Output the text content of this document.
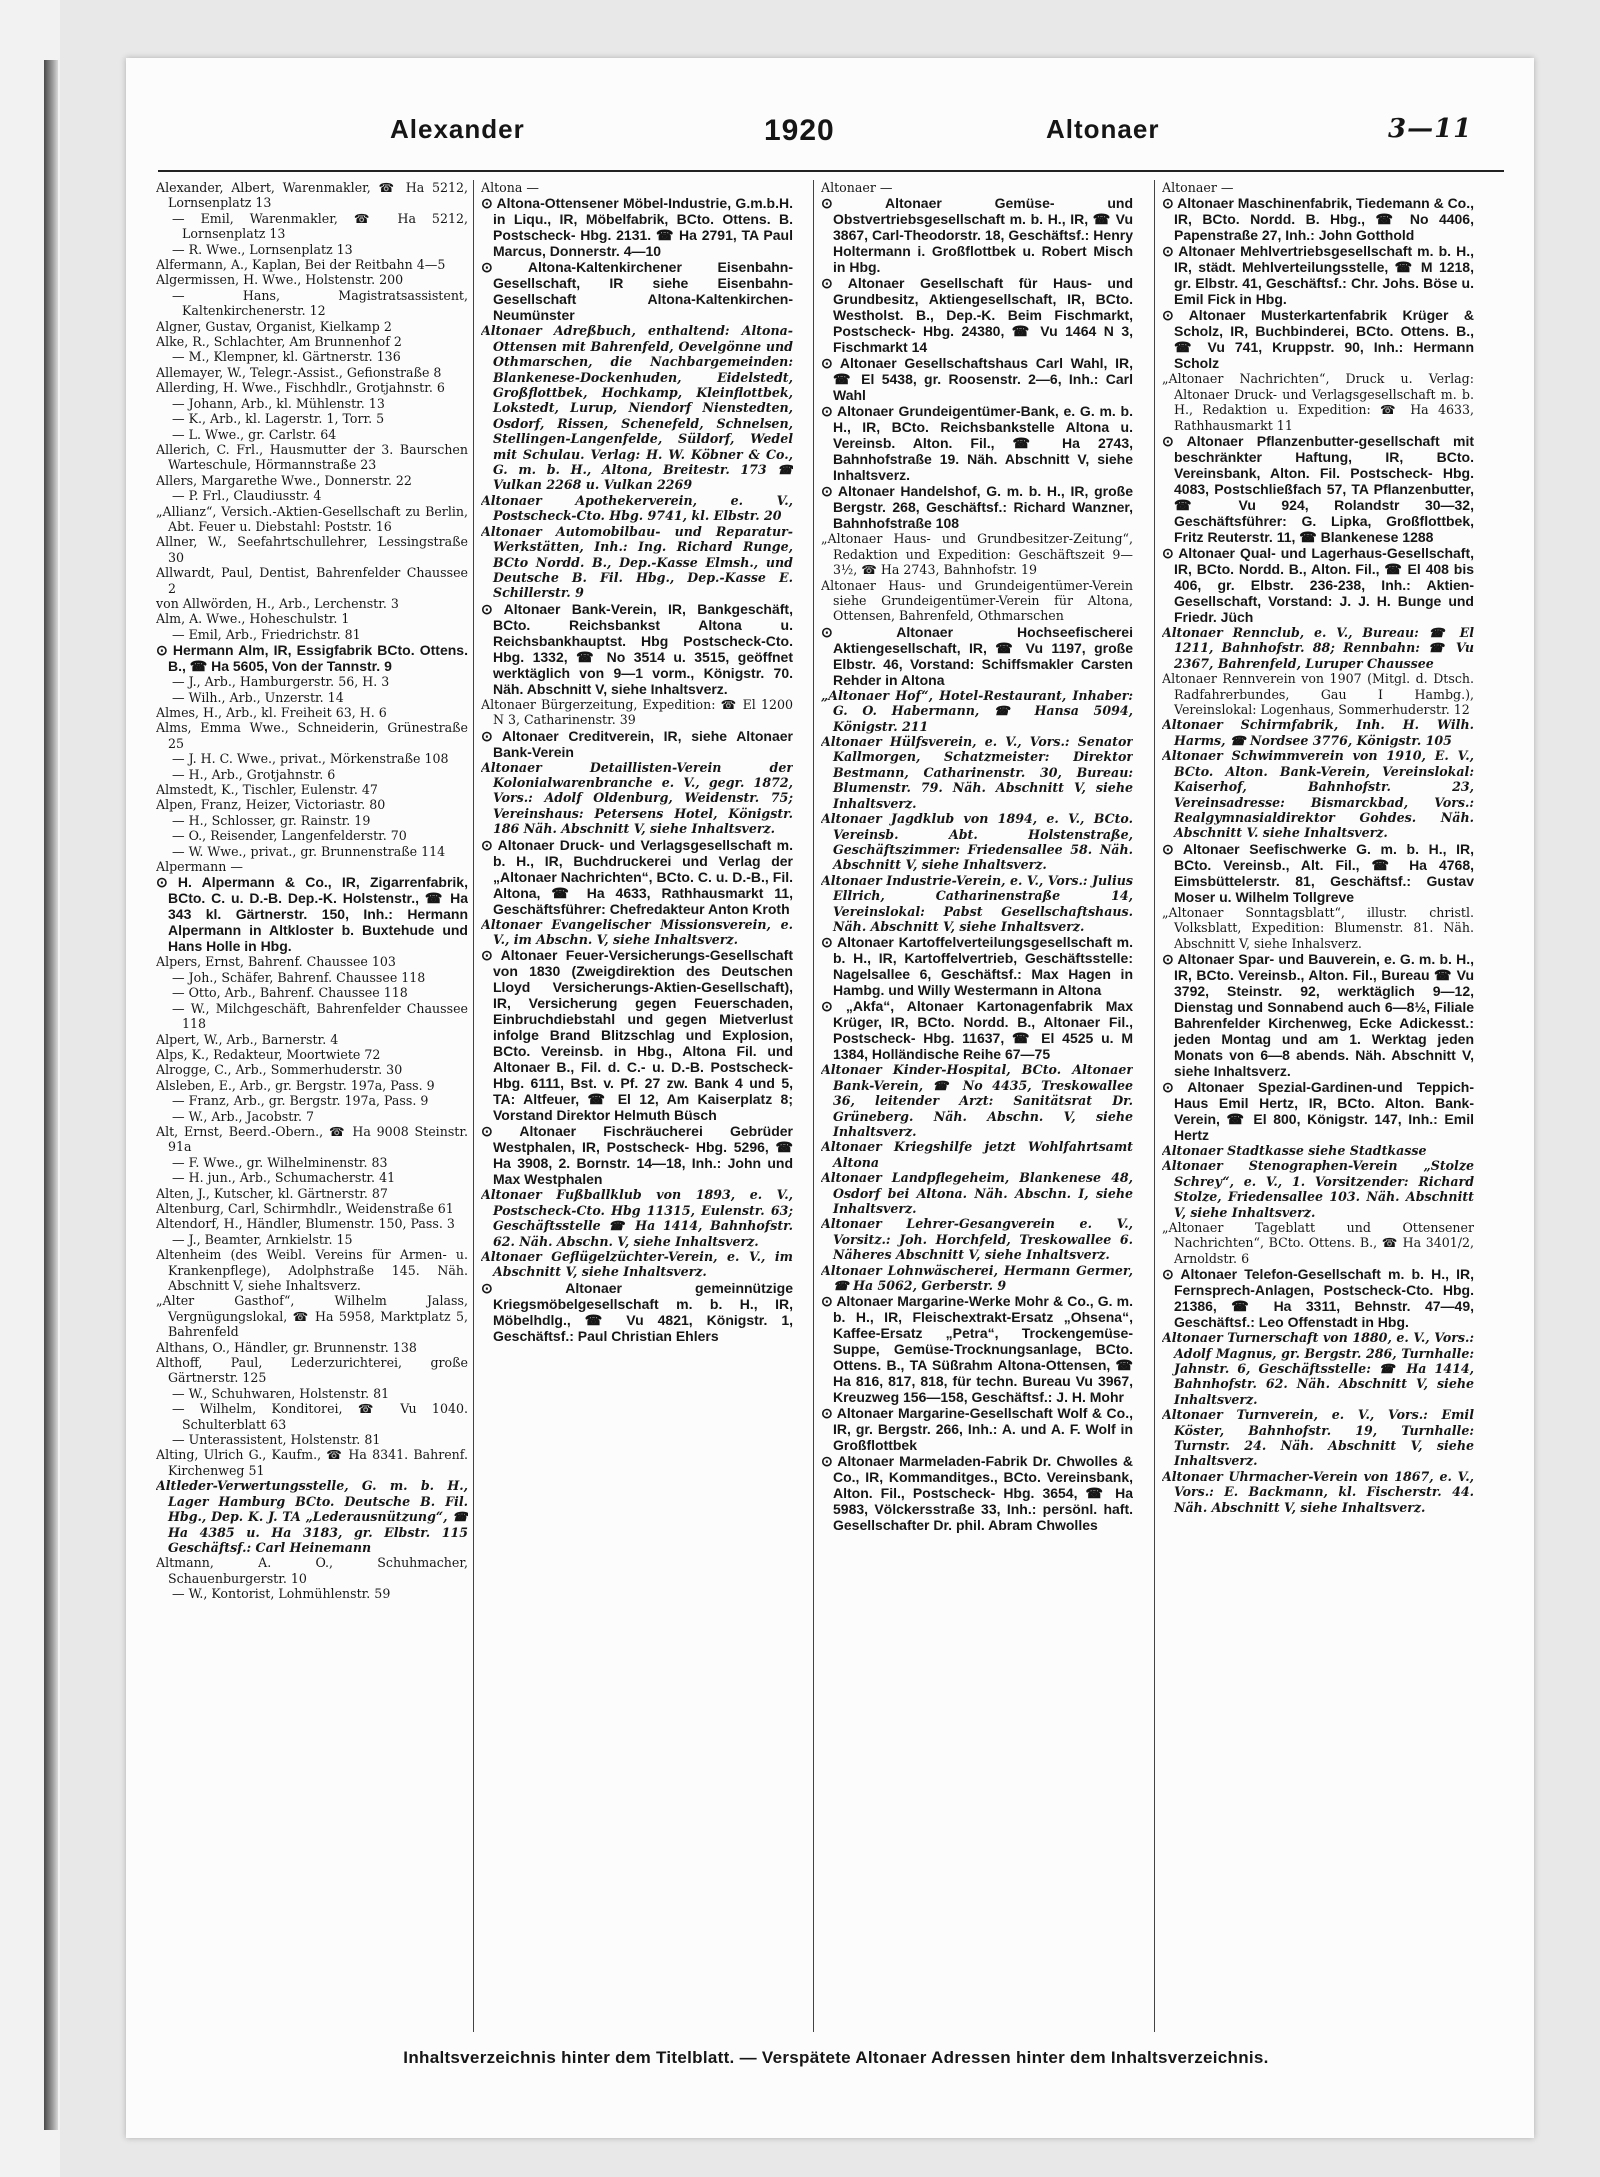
Alexander	1920	Altonaer	3—11

Alexander, Albert, Warenmakler, ☎ Ha 5212, Lornsenplatz 13

— Emil, Warenmakler, ☎ Ha 5212, Lornsenplatz 13

— R. Wwe., Lornsenplatz 13

Alfermann, A., Kaplan, Bei der Reitbahn 4—5

Algermissen, H. Wwe., Holstenstr. 200

— Hans, Magistratsassistent, Kaltenkirchenerstr. 12

Algner, Gustav, Organist, Kielkamp 2

Alke, R., Schlachter, Am Brunnenhof 2

— M., Klempner, kl. Gärtnerstr. 136

Allemayer, W., Telegr.-Assist., Gefionstraße 8

Allerding, H. Wwe., Fischhdlr., Grotjahnstr. 6

— Johann, Arb., kl. Mühlenstr. 13

— K., Arb., kl. Lagerstr. 1, Torr. 5

— L. Wwe., gr. Carlstr. 64

Allerich, C. Frl., Hausmutter der 3. Baurschen Warteschule, Hörmannstraße 23

Allers, Margarethe Wwe., Donnerstr. 22

— P. Frl., Claudiusstr. 4

„Allianz“, Versich.-Aktien-Gesellschaft zu Berlin, Abt. Feuer u. Diebstahl: Poststr. 16

Allner, W., Seefahrtschullehrer, Lessingstraße 30

Allwardt, Paul, Dentist, Bahrenfelder Chaussee 2

von Allwörden, H., Arb., Lerchenstr. 3

Alm, A. Wwe., Hoheschulstr. 1

— Emil, Arb., Friedrichstr. 81

⊙ Hermann Alm, IR, Essigfabrik BCto. Ottens. B., ☎ Ha 5605, Von der Tannstr. 9

— J., Arb., Hamburgerstr. 56, H. 3

— Wilh., Arb., Unzerstr. 14

Almes, H., Arb., kl. Freiheit 63, H. 6

Alms, Emma Wwe., Schneiderin, Grünestraße 25

— J. H. C. Wwe., privat., Mörkenstraße 108

— H., Arb., Grotjahnstr. 6

Almstedt, K., Tischler, Eulenstr. 47

Alpen, Franz, Heizer, Victoriastr. 80

— H., Schlosser, gr. Rainstr. 19

— O., Reisender, Langenfelderstr. 70

— W. Wwe., privat., gr. Brunnenstraße 114

Alpermann —

⊙ H. Alpermann & Co., IR, Zigarrenfabrik, BCto. C. u. D.-B. Dep.-K. Holstenstr., ☎ Ha 343 kl. Gärtnerstr. 150, Inh.: Hermann Alpermann in Altkloster b. Buxtehude und Hans Holle in Hbg.

Alpers, Ernst, Bahrenf. Chaussee 103

— Joh., Schäfer, Bahrenf. Chaussee 118

— Otto, Arb., Bahrenf. Chaussee 118

— W., Milchgeschäft, Bahrenfelder Chaussee 118

Alpert, W., Arb., Barnerstr. 4

Alps, K., Redakteur, Moortwiete 72

Alrogge, C., Arb., Sommerhuderstr. 30

Alsleben, E., Arb., gr. Bergstr. 197a, Pass. 9

— Franz, Arb., gr. Bergstr. 197a, Pass. 9

— W., Arb., Jacobstr. 7

Alt, Ernst, Beerd.-Obern., ☎ Ha 9008 Steinstr. 91a

— F. Wwe., gr. Wilhelminenstr. 83

— H. jun., Arb., Schumacherstr. 41

Alten, J., Kutscher, kl. Gärtnerstr. 87

Altenburg, Carl, Schirmhdlr., Weidenstraße 61

Altendorf, H., Händler, Blumenstr. 150, Pass. 3

— J., Beamter, Arnkielstr. 15

Altenheim (des Weibl. Vereins für Armen- u. Krankenpflege), Adolphstraße 145. Näh. Abschnitt V, siehe Inhaltsverz.

„Alter Gasthof“, Wilhelm Jalass, Vergnügungslokal, ☎ Ha 5958, Marktplatz 5, Bahrenfeld

Althans, O., Händler, gr. Brunnenstr. 138

Althoff, Paul, Lederzurichterei, große Gärtnerstr. 125

— W., Schuhwaren, Holstenstr. 81

— Wilhelm, Konditorei, ☎ Vu 1040. Schulterblatt 63

— Unterassistent, Holstenstr. 81

Alting, Ulrich G., Kaufm., ☎ Ha 8341. Bahrenf. Kirchenweg 51

Altleder-Verwertungsstelle, G. m. b. H., Lager Hamburg BCto. Deutsche B. Fil. Hbg., Dep. K. J. TA „Lederausnützung“, ☎ Ha 4385 u. Ha 3183, gr. Elbstr. 115 Geschäftsf.: Carl Heinemann

Altmann, A. O., Schuhmacher, Schauenburgerstr. 10

— W., Kontorist, Lohmühlenstr. 59

Altona —

⊙ Altona-Ottensener Möbel-Industrie, G.m.b.H. in Liqu., IR, Möbelfabrik, BCto. Ottens. B. Postscheck- Hbg. 2131. ☎ Ha 2791, TA Paul Marcus, Donnerstr. 4—10

⊙ Altona-Kaltenkirchener Eisenbahn-Gesellschaft, IR siehe Eisenbahn-Gesellschaft Altona-Kaltenkirchen-Neumünster

Altonaer Adreßbuch, enthaltend: Altona-Ottensen mit Bahrenfeld, Oevelgönne und Othmarschen, die Nachbargemeinden: Blankenese-Dockenhuden, Eidelstedt, Großflottbek, Hochkamp, Kleinflottbek, Lokstedt, Lurup, Niendorf Nienstedten, Osdorf, Rissen, Schenefeld, Schnelsen, Stellingen-Langenfelde, Süldorf, Wedel mit Schulau. Verlag: H. W. Köbner & Co., G. m. b. H., Altona, Breitestr. 173 ☎ Vulkan 2268 u. Vulkan 2269

Altonaer Apothekerverein, e. V., Postscheck-Cto. Hbg. 9741, kl. Elbstr. 20

Altonaer Automobilbau- und Reparatur-Werkstätten, Inh.: Ing. Richard Runge, BCto Nordd. B., Dep.-Kasse Elmsh., und Deutsche B. Fil. Hbg., Dep.-Kasse E. Schillerstr. 9

⊙ Altonaer Bank-Verein, IR, Bankgeschäft, BCto. Reichsbankst Altona u. Reichsbankhauptst. Hbg Postscheck-Cto. Hbg. 1332, ☎ No 3514 u. 3515, geöffnet werktäglich von 9—1 vorm., Königstr. 70. Näh. Abschnitt V, siehe Inhaltsverz.

Altonaer Bürgerzeitung, Expedition: ☎ El 1200 N 3, Catharinenstr. 39

⊙ Altonaer Creditverein, IR, siehe Altonaer Bank-Verein

Altonaer Detaillisten-Verein der Kolonialwarenbranche e. V., gegr. 1872, Vors.: Adolf Oldenburg, Weidenstr. 75; Vereinshaus: Petersens Hotel, Königstr. 186 Näh. Abschnitt V, siehe Inhaltsverz.

⊙ Altonaer Druck- und Verlagsgesellschaft m. b. H., IR, Buchdruckerei und Verlag der „Altonaer Nachrichten“, BCto. C. u. D.-B., Fil. Altona, ☎ Ha 4633, Rathhausmarkt 11, Geschäftsführer: Chefredakteur Anton Kroth

Altonaer Evangelischer Missionsverein, e. V., im Abschn. V, siehe Inhaltsverz.

⊙ Altonaer Feuer-Versicherungs-Gesellschaft von 1830 (Zweigdirektion des Deutschen Lloyd Versicherungs-Aktien-Gesellschaft), IR, Versicherung gegen Feuerschaden, Einbruchdiebstahl und gegen Mietverlust infolge Brand Blitzschlag und Explosion, BCto. Vereinsb. in Hbg., Altona Fil. und Altonaer B., Fil. d. C.- u. D.-B. Postscheck- Hbg. 6111, Bst. v. Pf. 27 zw. Bank 4 und 5, TA: Altfeuer, ☎ El 12, Am Kaiserplatz 8; Vorstand Direktor Helmuth Büsch

⊙ Altonaer Fischräucherei Gebrüder Westphalen, IR, Postscheck- Hbg. 5296, ☎ Ha 3908, 2. Bornstr. 14—18, Inh.: John und Max Westphalen

Altonaer Fußballklub von 1893, e. V., Postscheck-Cto. Hbg 11315, Eulenstr. 63; Geschäftsstelle ☎ Ha 1414, Bahnhofstr. 62. Näh. Abschn. V, siehe Inhaltsverz.

Altonaer Geflügelzüchter-Verein, e. V., im Abschnitt V, siehe Inhaltsverz.

⊙ Altonaer gemeinnützige Kriegsmöbelgesellschaft m. b. H., IR, Möbelhdlg., ☎ Vu 4821, Königstr. 1, Geschäftsf.: Paul Christian Ehlers

Altonaer —

⊙ Altonaer Gemüse- und Obstvertriebsgesellschaft m. b. H., IR, ☎ Vu 3867, Carl-Theodorstr. 18, Geschäftsf.: Henry Holtermann i. Großflottbek u. Robert Misch in Hbg.

⊙ Altonaer Gesellschaft für Haus- und Grundbesitz, Aktiengesellschaft, IR, BCto. Westholst. B., Dep.-K. Beim Fischmarkt, Postscheck- Hbg. 24380, ☎ Vu 1464 N 3, Fischmarkt 14

⊙ Altonaer Gesellschaftshaus Carl Wahl, IR, ☎ El 5438, gr. Roosenstr. 2—6, Inh.: Carl Wahl

⊙ Altonaer Grundeigentümer-Bank, e. G. m. b. H., IR, BCto. Reichsbankstelle Altona u. Vereinsb. Alton. Fil., ☎ Ha 2743, Bahnhofstraße 19. Näh. Abschnitt V, siehe Inhaltsverz.

⊙ Altonaer Handelshof, G. m. b. H., IR, große Bergstr. 268, Geschäftsf.: Richard Wanzner, Bahnhofstraße 108

„Altonaer Haus- und Grundbesitzer-Zeitung“, Redaktion und Expedition: Geschäftszeit 9—3½, ☎ Ha 2743, Bahnhofstr. 19

Altonaer Haus- und Grundeigentümer-Verein siehe Grundeigentümer-Verein für Altona, Ottensen, Bahrenfeld, Othmarschen

⊙ Altonaer Hochseefischerei Aktiengesellschaft, IR, ☎ Vu 1197, große Elbstr. 46, Vorstand: Schiffsmakler Carsten Rehder in Altona

„Altonaer Hof“, Hotel-Restaurant, Inhaber: G. O. Habermann, ☎ Hansa 5094, Königstr. 211

Altonaer Hülfsverein, e. V., Vors.: Senator Kallmorgen, Schatzmeister: Direktor Bestmann, Catharinenstr. 30, Bureau: Blumenstr. 79. Näh. Abschnitt V, siehe Inhaltsverz.

Altonaer Jagdklub von 1894, e. V., BCto. Vereinsb. Abt. Holstenstraße, Geschäftszimmer: Friedensallee 58. Näh. Abschnitt V, siehe Inhaltsverz.

Altonaer Industrie-Verein, e. V., Vors.: Julius Ellrich, Catharinenstraße 14, Vereinslokal: Pabst Gesellschaftshaus. Näh. Abschnitt V, siehe Inhaltsverz.

⊙ Altonaer Kartoffelverteilungsgesellschaft m. b. H., IR, Kartoffelvertrieb, Geschäftsstelle: Nagelsallee 6, Geschäftsf.: Max Hagen in Hambg. und Willy Westermann in Altona

⊙ „Akfa“, Altonaer Kartonagenfabrik Max Krüger, IR, BCto. Nordd. B., Altonaer Fil., Postscheck- Hbg. 11637, ☎ El 4525 u. M 1384, Holländische Reihe 67—75

Altonaer Kinder-Hospital, BCto. Altonaer Bank-Verein, ☎ No 4435, Treskowallee 36, leitender Arzt: Sanitätsrat Dr. Grüneberg. Näh. Abschn. V, siehe Inhaltsverz.

Altonaer Kriegshilfe jetzt Wohlfahrtsamt Altona

Altonaer Landpflegeheim, Blankenese 48, Osdorf bei Altona. Näh. Abschn. I, siehe Inhaltsverz.

Altonaer Lehrer-Gesangverein e. V., Vorsitz.: Joh. Horchfeld, Treskowallee 6. Näheres Abschnitt V, siehe Inhaltsverz.

Altonaer Lohnwäscherei, Hermann Germer, ☎ Ha 5062, Gerberstr. 9

⊙ Altonaer Margarine-Werke Mohr & Co., G. m. b. H., IR, Fleischextrakt-Ersatz „Ohsena“, Kaffee-Ersatz „Petra“, Trockengemüse-Suppe, Gemüse-Trocknungsanlage, BCto. Ottens. B., TA Süßrahm Altona-Ottensen, ☎ Ha 816, 817, 818, für techn. Bureau Vu 3967, Kreuzweg 156—158, Geschäftsf.: J. H. Mohr

⊙ Altonaer Margarine-Gesellschaft Wolf & Co., IR, gr. Bergstr. 266, Inh.: A. und A. F. Wolf in Großflottbek

⊙ Altonaer Marmeladen-Fabrik Dr. Chwolles & Co., IR, Kommanditges., BCto. Vereinsbank, Alton. Fil., Postscheck- Hbg. 3654, ☎ Ha 5983, Völckersstraße 33, Inh.: persönl. haft. Gesellschafter Dr. phil. Abram Chwolles

Altonaer —

⊙ Altonaer Maschinenfabrik, Tiedemann & Co., IR, BCto. Nordd. B. Hbg., ☎ No 4406, Papenstraße 27, Inh.: John Gotthold

⊙ Altonaer Mehlvertriebsgesellschaft m. b. H., IR, städt. Mehlverteilungsstelle, ☎ M 1218, gr. Elbstr. 41, Geschäftsf.: Chr. Johs. Böse u. Emil Fick in Hbg.

⊙ Altonaer Musterkartenfabrik Krüger & Scholz, IR, Buchbinderei, BCto. Ottens. B., ☎ Vu 741, Kruppstr. 90, Inh.: Hermann Scholz

„Altonaer Nachrichten“, Druck u. Verlag: Altonaer Druck- und Verlagsgesellschaft m. b. H., Redaktion u. Expedition: ☎ Ha 4633, Rathhausmarkt 11

⊙ Altonaer Pflanzenbutter-gesellschaft mit beschränkter Haftung, IR, BCto. Vereinsbank, Alton. Fil. Postscheck- Hbg. 4083, Postschließfach 57, TA Pflanzenbutter, ☎ Vu 924, Rolandstr 30—32, Geschäftsführer: G. Lipka, Großflottbek, Fritz Reuterstr. 11, ☎ Blankenese 1288

⊙ Altonaer Qual- und Lagerhaus-Gesellschaft, IR, BCto. Nordd. B., Alton. Fil., ☎ El 408 bis 406, gr. Elbstr. 236-238, Inh.: Aktien-Gesellschaft, Vorstand: J. J. H. Bunge und Friedr. Jüch

Altonaer Rennclub, e. V., Bureau: ☎ El 1211, Bahnhofstr. 88; Rennbahn: ☎ Vu 2367, Bahrenfeld, Luruper Chaussee

Altonaer Rennverein von 1907 (Mitgl. d. Dtsch. Radfahrerbundes, Gau I Hambg.), Vereinslokal: Logenhaus, Sommerhuderstr. 12

Altonaer Schirmfabrik, Inh. H. Wilh. Harms, ☎ Nordsee 3776, Königstr. 105

Altonaer Schwimmverein von 1910, E. V., BCto. Alton. Bank-Verein, Vereinslokal: Kaiserhof, Bahnhofstr. 23, Vereinsadresse: Bismarckbad, Vors.: Realgymnasialdirektor Gohdes. Näh. Abschnitt V. siehe Inhaltsverz.

⊙ Altonaer Seefischwerke G. m. b. H., IR, BCto. Vereinsb., Alt. Fil., ☎ Ha 4768, Eimsbüttelerstr. 81, Geschäftsf.: Gustav Moser u. Wilhelm Tollgreve

„Altonaer Sonntagsblatt“, illustr. christl. Volksblatt, Expedition: Blumenstr. 81. Näh. Abschnitt V, siehe Inhalsverz.

⊙ Altonaer Spar- und Bauverein, e. G. m. b. H., IR, BCto. Vereinsb., Alton. Fil., Bureau ☎ Vu 3792, Steinstr. 92, werktäglich 9—12, Dienstag und Sonnabend auch 6—8½, Filiale Bahrenfelder Kirchenweg, Ecke Adickesst.: jeden Montag und am 1. Werktag jeden Monats von 6—8 abends. Näh. Abschnitt V, siehe Inhaltsverz.

⊙ Altonaer Spezial-Gardinen-und Teppich-Haus Emil Hertz, IR, BCto. Alton. Bank-Verein, ☎ El 800, Königstr. 147, Inh.: Emil Hertz

Altonaer Stadtkasse siehe Stadtkasse

Altonaer Stenographen-Verein „Stolze Schrey“, e. V., 1. Vorsitzender: Richard Stolze, Friedensallee 103. Näh. Abschnitt V, siehe Inhaltsverz.

„Altonaer Tageblatt und Ottensener Nachrichten“, BCto. Ottens. B., ☎ Ha 3401/2, Arnoldstr. 6

⊙ Altonaer Telefon-Gesellschaft m. b. H., IR, Fernsprech-Anlagen, Postscheck-Cto. Hbg. 21386, ☎ Ha 3311, Behnstr. 47—49, Geschäftsf.: Leo Offenstadt in Hbg.

Altonaer Turnerschaft von 1880, e. V., Vors.: Adolf Magnus, gr. Bergstr. 286, Turnhalle: Jahnstr. 6, Geschäftsstelle: ☎ Ha 1414, Bahnhofstr. 62. Näh. Abschnitt V, siehe Inhaltsverz.

Altonaer Turnverein, e. V., Vors.: Emil Köster, Bahnhofstr. 19, Turnhalle: Turnstr. 24. Näh. Abschnitt V, siehe Inhaltsverz.

Altonaer Uhrmacher-Verein von 1867, e. V., Vors.: E. Backmann, kl. Fischerstr. 44. Näh. Abschnitt V, siehe Inhaltsverz.

Inhaltsverzeichnis hinter dem Titelblatt. — Verspätete Altonaer Adressen hinter dem Inhaltsverzeichnis.
